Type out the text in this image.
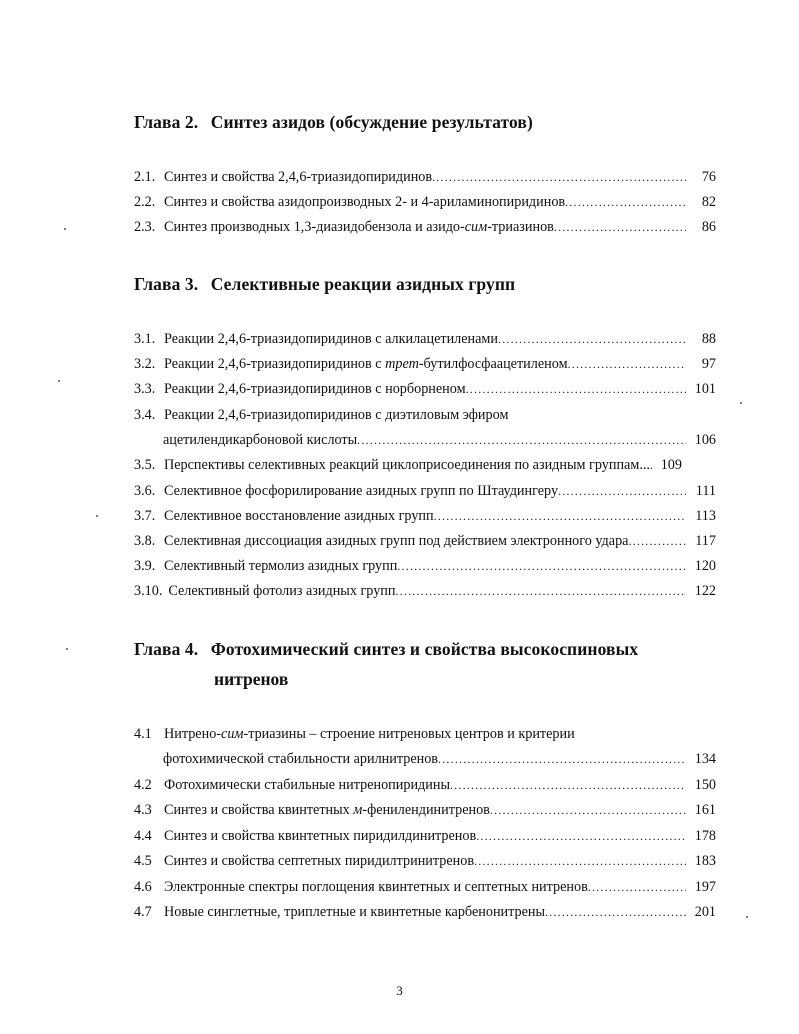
Глава 2. Синтез азидов (обсуждение результатов)
2.1. Синтез и свойства 2,4,6-триазидопиридинов .....	76
2.2. Синтез и свойства азидопроизводных 2- и 4-ариламинопиридинов .....	82
2.3. Синтез производных 1,3-диазидобензола и азидо-сим-триазинов .....	86
Глава 3. Селективные реакции азидных групп
3.1. Реакции 2,4,6-триазидопиридинов с алкилацетиленами .....	88
3.2. Реакции 2,4,6-триазидопиридинов с трет-бутилфосфаацетиленом .....	97
3.3. Реакции 2,4,6-триазидопиридинов с норборненом .....	101
3.4. Реакции 2,4,6-триазидопиридинов с диэтиловым эфиром
ацетилендикарбоновой кислоты .....	106
3.5. Перспективы селективных реакций циклоприсоединения по азидным группам... ..... 109
3.6. Селективное фосфорилирование азидных групп по Штаудингеру .....	111
3.7. Селективное восстановление азидных групп .....	113
3.8. Селективная диссоциация азидных групп под действием электронного удара .....	117
3.9. Селективный термолиз азидных групп .....	120
3.10. Селективный фотолиз азидных групп .....	122
Глава 4. Фотохимический синтез и свойства высокоспиновых
нитренов
4.1 Нитрено-сим-триазины – строение нитреновых центров и критерии
фотохимической стабильности арилнитренов .....	134
4.2 Фотохимически стабильные нитренопиридины .....	150
4.3 Синтез и свойства квинтетных м-фенилендинитренов .....	161
4.4 Синтез и свойства квинтетных пиридилдинитренов .....	178
4.5 Синтез и свойства септетных пиридилтринитренов .....	183
4.6 Электронные спектры поглощения квинтетных и септетных нитренов .....	197
4.7 Новые синглетные, триплетные и квинтетные карбенонитрены .....	201
3
